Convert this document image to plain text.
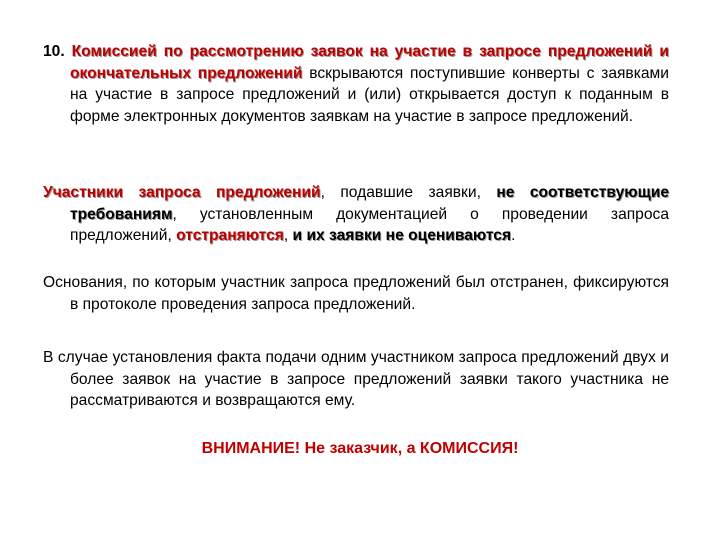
10. Комиссией по рассмотрению заявок на участие в запросе предложений и окончательных предложений вскрываются поступившие конверты с заявками на участие в запросе предложений и (или) открывается доступ к поданным в форме электронных документов заявкам на участие в запросе предложений.
Участники запроса предложений, подавшие заявки, не соответствующие требованиям, установленным документацией о проведении запроса предложений, отстраняются, и их заявки не оцениваются.
Основания, по которым участник запроса предложений был отстранен, фиксируются в протоколе проведения запроса предложений.
В случае установления факта подачи одним участником запроса предложений двух и более заявок на участие в запросе предложений заявки такого участника не рассматриваются и возвращаются ему.
ВНИМАНИЕ! Не заказчик, а КОМИССИЯ!
